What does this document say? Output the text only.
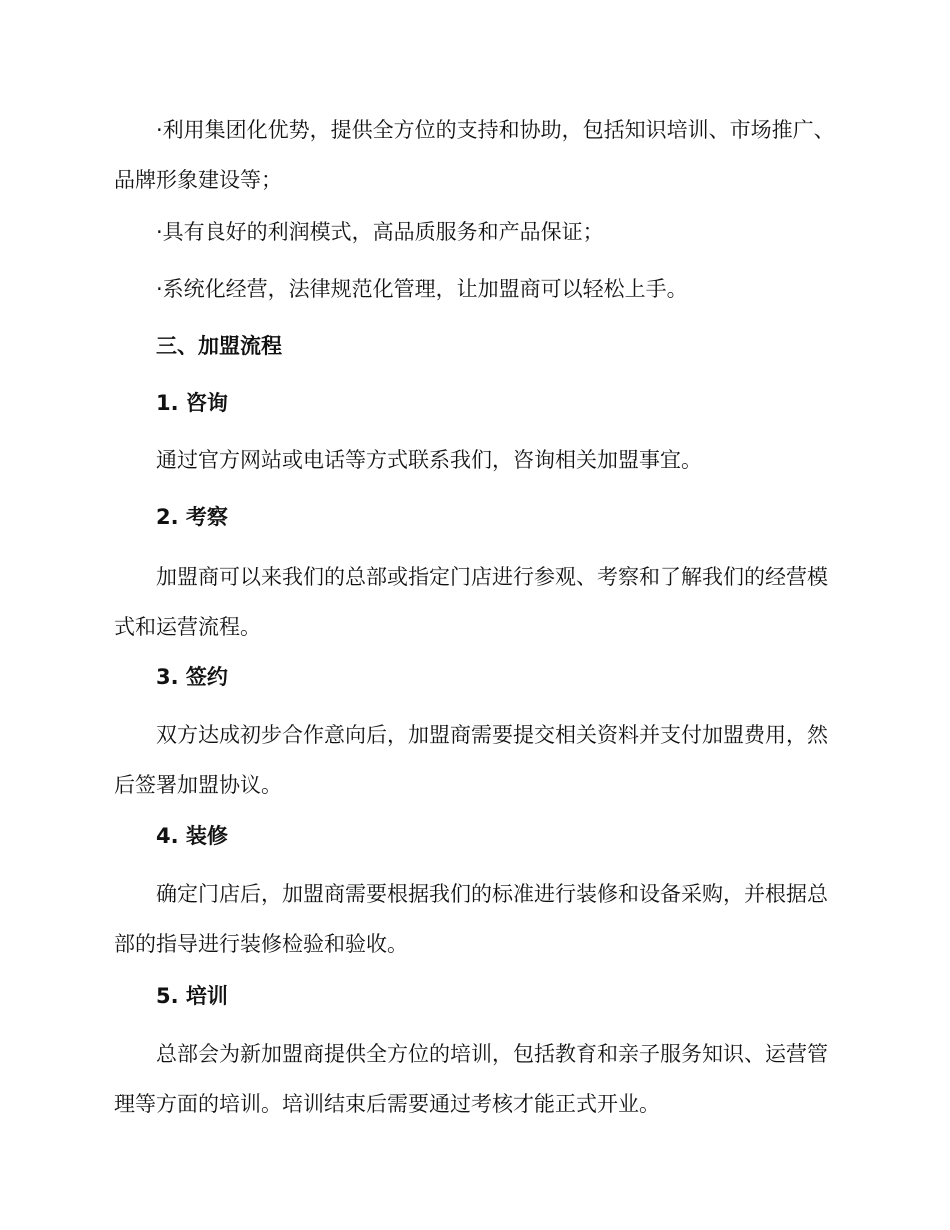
·利用集团化优势，提供全方位的支持和协助，包括知识培训、市场推广、品牌形象建设等；

·具有良好的利润模式，高品质服务和产品保证；

·系统化经营，法律规范化管理，让加盟商可以轻松上手。

三、加盟流程

1. 咨询

通过官方网站或电话等方式联系我们，咨询相关加盟事宜。

2. 考察

加盟商可以来我们的总部或指定门店进行参观、考察和了解我们的经营模式和运营流程。

3. 签约

双方达成初步合作意向后，加盟商需要提交相关资料并支付加盟费用，然后签署加盟协议。

4. 装修

确定门店后，加盟商需要根据我们的标准进行装修和设备采购，并根据总部的指导进行装修检验和验收。

5. 培训

总部会为新加盟商提供全方位的培训，包括教育和亲子服务知识、运营管理等方面的培训。培训结束后需要通过考核才能正式开业。
